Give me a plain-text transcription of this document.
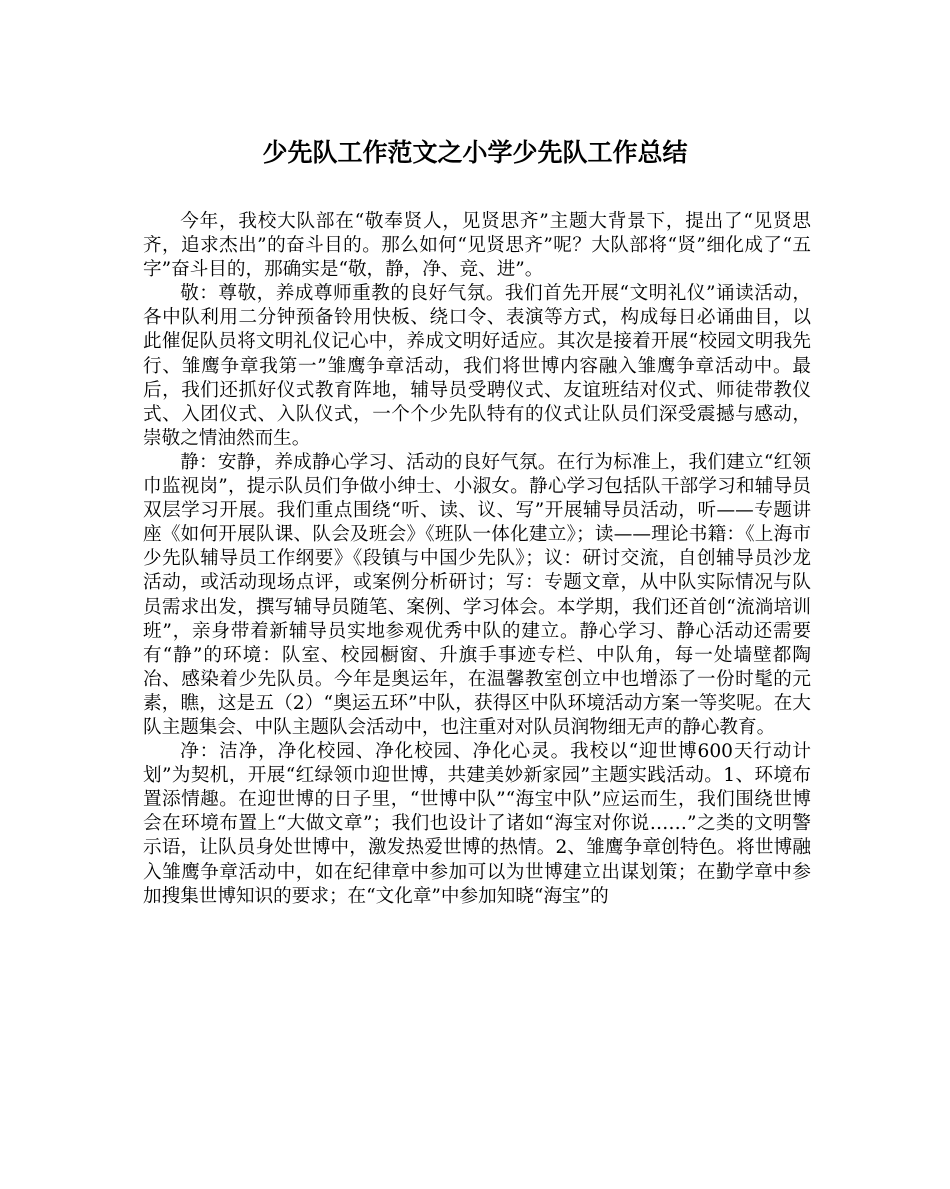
少先队工作范文之小学少先队工作总结

今年，我校大队部在“敬奉贤人，见贤思齐”主题大背景下，提出了“见贤思齐，追求杰出”的奋斗目的。那么如何“见贤思齐”呢？大队部将“贤”细化成了“五字”奋斗目的，那确实是“敬，静，净、竞、进”。

敬：尊敬，养成尊师重教的良好气氛。我们首先开展“文明礼仪”诵读活动，各中队利用二分钟预备铃用快板、绕口令、表演等方式，构成每日必诵曲目，以此催促队员将文明礼仪记心中，养成文明好适应。其次是接着开展“校园文明我先行、雏鹰争章我第一”雏鹰争章活动，我们将世博内容融入雏鹰争章活动中。最后，我们还抓好仪式教育阵地，辅导员受聘仪式、友谊班结对仪式、师徒带教仪式、入团仪式、入队仪式，一个个少先队特有的仪式让队员们深受震撼与感动，崇敬之情油然而生。

静：安静，养成静心学习、活动的良好气氛。在行为标准上，我们建立“红领巾监视岗”，提示队员们争做小绅士、小淑女。静心学习包括队干部学习和辅导员双层学习开展。我们重点围绕“听、读、议、写”开展辅导员活动，听——专题讲座《如何开展队课、队会及班会》《班队一体化建立》；读——理论书籍：《上海市少先队辅导员工作纲要》《段镇与中国少先队》；议：研讨交流，自创辅导员沙龙活动，或活动现场点评，或案例分析研讨；写：专题文章，从中队实际情况与队员需求出发，撰写辅导员随笔、案例、学习体会。本学期，我们还首创“流淌培训班”，亲身带着新辅导员实地参观优秀中队的建立。静心学习、静心活动还需要有“静”的环境：队室、校园橱窗、升旗手事迹专栏、中队角，每一处墙壁都陶冶、感染着少先队员。今年是奥运年，在温馨教室创立中也增添了一份时髦的元素，瞧，这是五（2）“奥运五环”中队，获得区中队环境活动方案一等奖呢。在大队主题集会、中队主题队会活动中，也注重对对队员润物细无声的静心教育。

净：洁净，净化校园、净化校园、净化心灵。我校以“迎世博600天行动计划”为契机，开展“红绿领巾迎世博，共建美妙新家园”主题实践活动。1、环境布置添情趣。在迎世博的日子里，“世博中队”“海宝中队”应运而生，我们围绕世博会在环境布置上“大做文章”；我们也设计了诸如“海宝对你说……”之类的文明警示语，让队员身处世博中，激发热爱世博的热情。2、雏鹰争章创特色。将世博融入雏鹰争章活动中，如在纪律章中参加可以为世博建立出谋划策；在勤学章中参加搜集世博知识的要求；在“文化章”中参加知晓“海宝”的
